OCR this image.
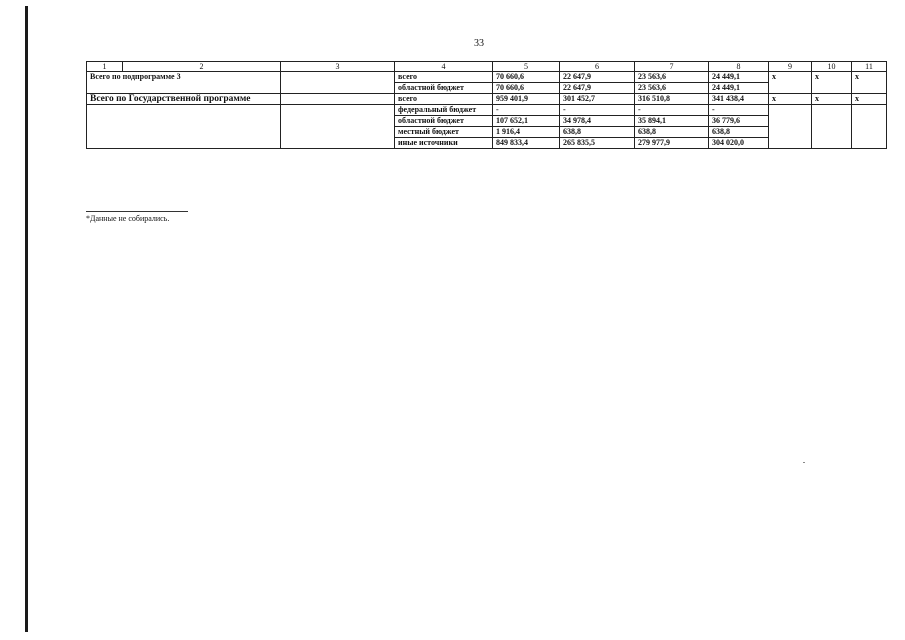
33
1	2	3	4	5	6	7	8	9	10	11
Всего по подпрограмме 3			всего	70 660,6	22 647,9	23 563,6	24 449,1	x	x	x
			областной бюджет	70 660,6	22 647,9	23 563,6	24 449,1			
Всего по Государственной программе			всего	959 401,9	301 452,7	316 510,8	341 438,4	x	x	x
			федеральный бюджет	-	-	-	-			
			областной бюджет	107 652,1	34 978,4	35 894,1	36 779,6			
			местный бюджет	1 916,4	638,8	638,8	638,8			
			иные источники	849 833,4	265 835,5	279 977,9	304 020,0			
*Данные не собирались.
